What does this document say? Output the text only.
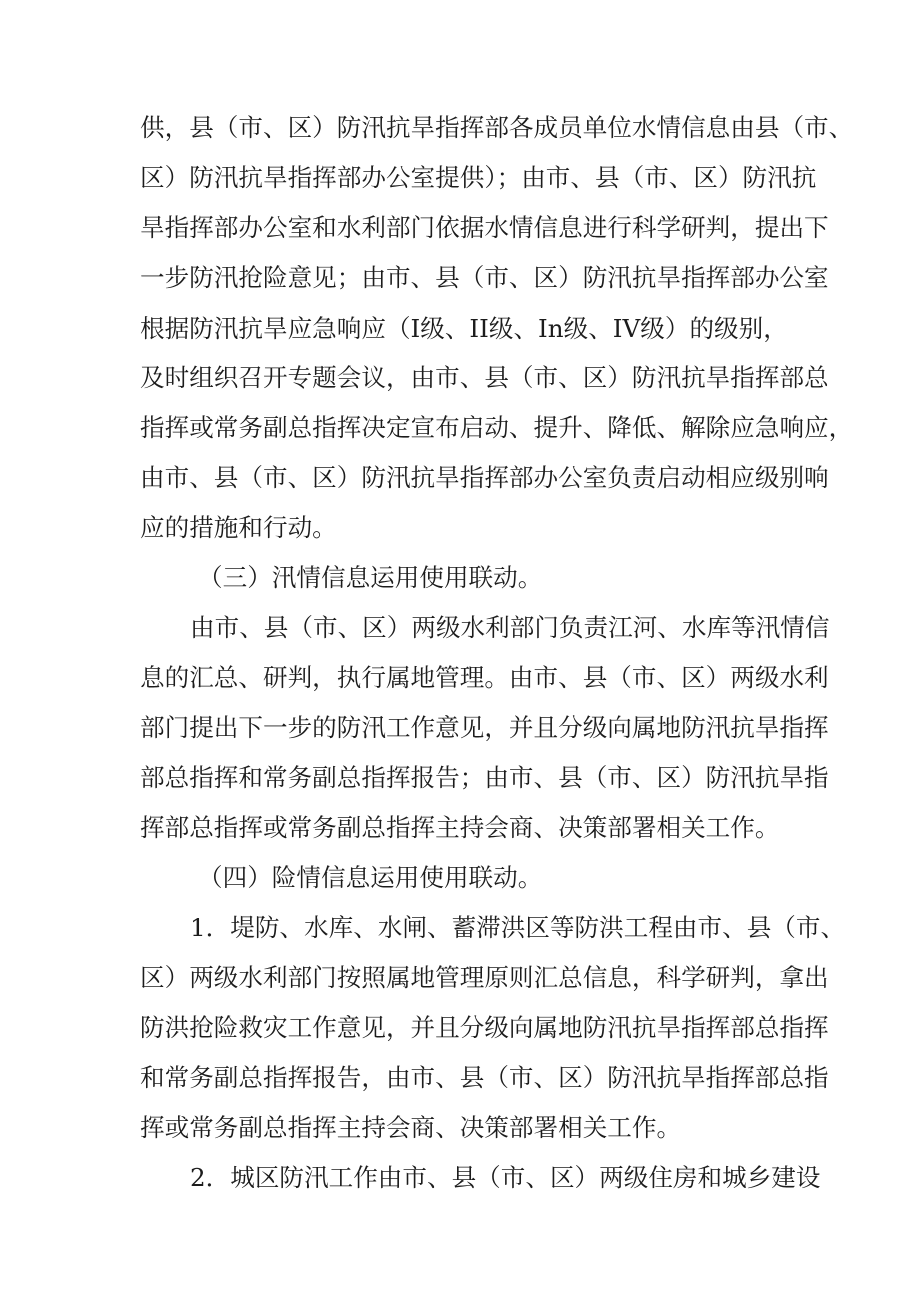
供，县（市、区）防汛抗旱指挥部各成员单位水情信息由县（市、
区）防汛抗旱指挥部办公室提供）；由市、县（市、区）防汛抗
旱指挥部办公室和水利部门依据水情信息进行科学研判，提出下
一步防汛抢险意见；由市、县（市、区）防汛抗旱指挥部办公室
根据防汛抗旱应急响应（I级、II级、In级、IV级）的级别，
及时组织召开专题会议，由市、县（市、区）防汛抗旱指挥部总
指挥或常务副总指挥决定宣布启动、提升、降低、解除应急响应，
由市、县（市、区）防汛抗旱指挥部办公室负责启动相应级别响
应的措施和行动。
（三）汛情信息运用使用联动。
由市、县（市、区）两级水利部门负责江河、水库等汛情信
息的汇总、研判，执行属地管理。由市、县（市、区）两级水利
部门提出下一步的防汛工作意见，并且分级向属地防汛抗旱指挥
部总指挥和常务副总指挥报告；由市、县（市、区）防汛抗旱指
挥部总指挥或常务副总指挥主持会商、决策部署相关工作。
（四）险情信息运用使用联动。
1．堤防、水库、水闸、蓄滞洪区等防洪工程由市、县（市、
区）两级水利部门按照属地管理原则汇总信息，科学研判，拿出
防洪抢险救灾工作意见，并且分级向属地防汛抗旱指挥部总指挥
和常务副总指挥报告，由市、县（市、区）防汛抗旱指挥部总指
挥或常务副总指挥主持会商、决策部署相关工作。
2．城区防汛工作由市、县（市、区）两级住房和城乡建设
